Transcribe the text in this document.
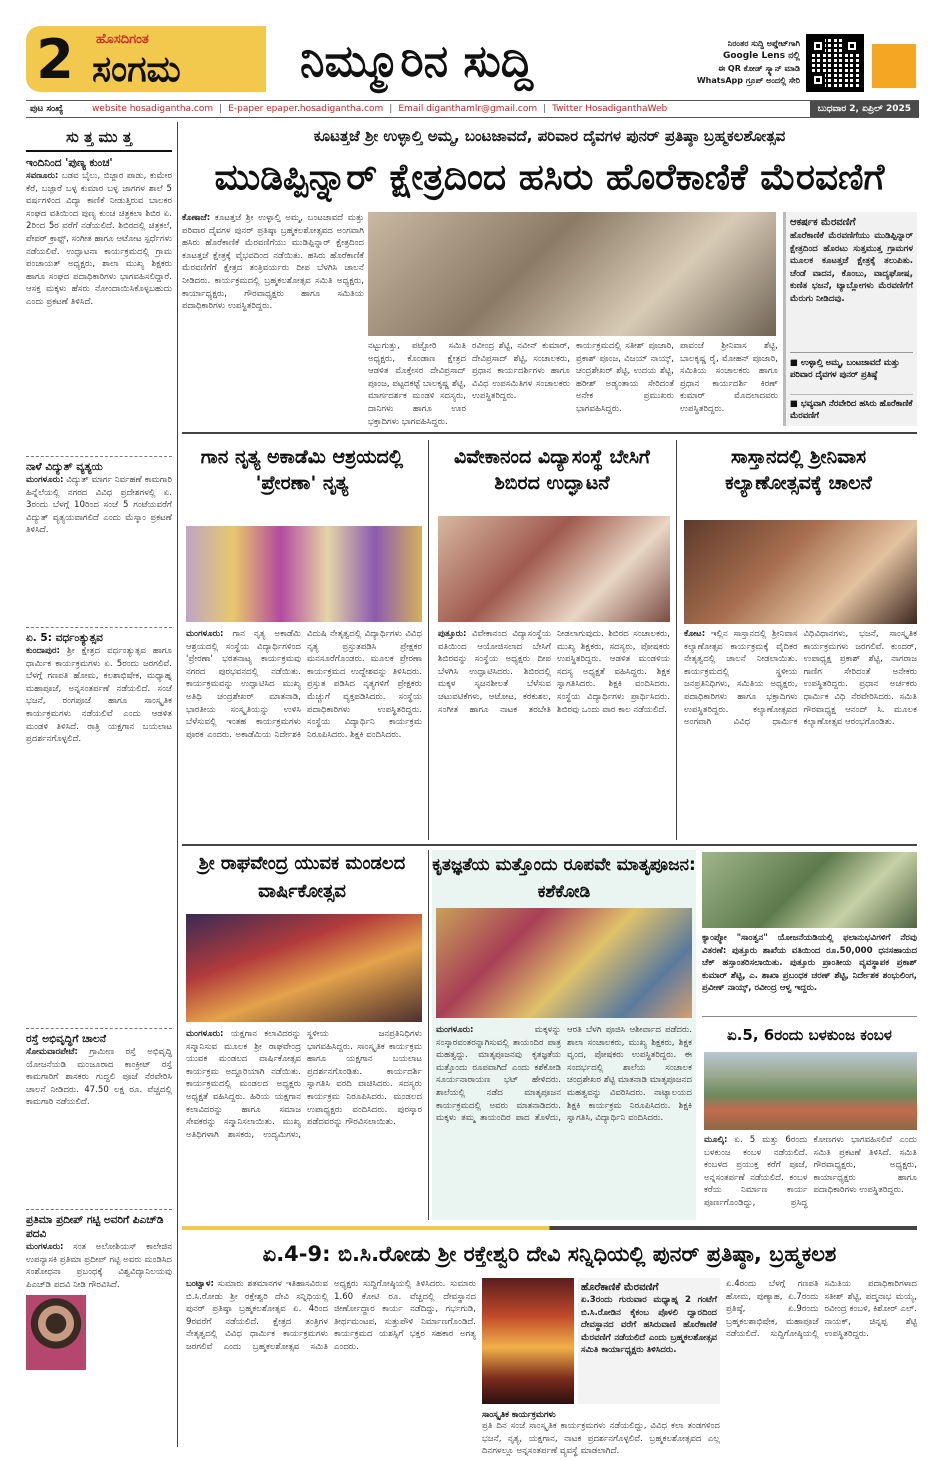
2	ಹೊಸದಿಗಂತ
ಸಂಗಮ	ನಿಮ್ಮೂರಿನ ಸುದ್ದಿ	ನಿರಂತರ ಸುದ್ದಿ ಅಪ್ಡೇಟ್‌ಗಾಗಿ
Google Lens ನಲ್ಲಿ
ಈ QR ಕೋಡ್ ಸ್ಕ್ಯಾನ್ ಮಾಡಿ
WhatsApp ಗ್ರೂಪ್ ಅಂದಲ್ಲಿ ಸೇರಿ
ಪುಟ ಸಂಖ್ಯೆ	website hosadigantha.com | E-paper epaper.hosadigantha.com | Email diganthamlr@gmail.com | Twitter HosadiganthaWeb	ಬುಧವಾರ 2, ಏಪ್ರಿಲ್ 2025
ಸು ತ್ತ ಮು ತ್ತ
ಇಂದಿನಿಂದ 'ಪುಣ್ಯ ಕುಂಚ'
ಸವಣೂರು: ಬಡವ ಬೈಲು, ಬಿಜ್ಜಾರ ಪಾಡು, ಕುಮೇರ ಕೆರೆ, ಬಜ್ಪಾರೆ ಬಳ್ಳ ಕುಮಾರ ಬಳ್ಳ ಜಾಗಗಳ ಶಾಲೆ 5 ವರ್ಷಗಳಿಂದ ವಿದ್ಯಾ ಕಾಣಿಕೆ ನೀಡುತ್ತಿರುವ ಬಾಲಕರ ಸಂಘದ ವತಿಯಿಂದ ಪುಣ್ಯ ಕುಂಚ ಚಿತ್ರಕಲಾ ಶಿಬಿರ ಏ. 2ರಿಂದ 5ರ ವರೆಗೆ ನಡೆಯಲಿದೆ. ಶಿಬಿರದಲ್ಲಿ ಚಿತ್ರಕಲೆ, ಪೇಪರ್ ಕ್ರಾಫ್ಟ್, ಸಂಗೀತ ಹಾಗೂ ಆಟೋಟ ಸ್ಪರ್ಧೆಗಳು ನಡೆಯಲಿವೆ. ಉದ್ಘಾಟನಾ ಕಾರ್ಯಕ್ರಮದಲ್ಲಿ ಗ್ರಾಮ ಪಂಚಾಯತ್ ಅಧ್ಯಕ್ಷರು, ಶಾಲಾ ಮುಖ್ಯ ಶಿಕ್ಷಕರು ಹಾಗೂ ಸಂಘದ ಪದಾಧಿಕಾರಿಗಳು ಭಾಗವಹಿಸಲಿದ್ದಾರೆ. ಆಸಕ್ತ ಮಕ್ಕಳು ಹೆಸರು ನೋಂದಾಯಿಸಿಕೊಳ್ಳಬಹುದು ಎಂದು ಪ್ರಕಟಣೆ ತಿಳಿಸಿದೆ.
ನಾಳೆ ವಿದ್ಯುತ್ ವ್ಯತ್ಯಯ
ಮಂಗಳೂರು: ವಿದ್ಯುತ್ ಮಾರ್ಗ ನಿರ್ವಹಣೆ ಕಾಮಗಾರಿ ಹಿನ್ನೆಲೆಯಲ್ಲಿ ನಗರದ ವಿವಿಧ ಪ್ರದೇಶಗಳಲ್ಲಿ ಏ. 3ರಂದು ಬೆಳಗ್ಗೆ 10ರಿಂದ ಸಂಜೆ 5 ಗಂಟೆಯವರೆಗೆ ವಿದ್ಯುತ್ ವ್ಯತ್ಯಯವಾಗಲಿದೆ ಎಂದು ಮೆಸ್ಕಾಂ ಪ್ರಕಟಣೆ ತಿಳಿಸಿದೆ.
ಏ. 5: ವರ್ಧಂತ್ಯುತ್ಸವ
ಕುಂದಾಪುರ: ಶ್ರೀ ಕ್ಷೇತ್ರದ ವರ್ಧಂತ್ಯುತ್ಸವ ಹಾಗೂ ಧಾರ್ಮಿಕ ಕಾರ್ಯಕ್ರಮಗಳು ಏ. 5ರಂದು ಜರಗಲಿವೆ. ಬೆಳಗ್ಗೆ ಗಣಪತಿ ಹೋಮ, ಕಲಶಾಭಿಷೇಕ, ಮಧ್ಯಾಹ್ನ ಮಹಾಪೂಜೆ, ಅನ್ನಸಂತರ್ಪಣೆ ನಡೆಯಲಿದೆ. ಸಂಜೆ ಭಜನೆ, ರಂಗಪೂಜೆ ಹಾಗೂ ಸಾಂಸ್ಕೃತಿಕ ಕಾರ್ಯಕ್ರಮಗಳು ನಡೆಯಲಿವೆ ಎಂದು ಆಡಳಿತ ಮಂಡಳಿ ತಿಳಿಸಿದೆ. ರಾತ್ರಿ ಯಕ್ಷಗಾನ ಬಯಲಾಟ ಪ್ರದರ್ಶನಗೊಳ್ಳಲಿದೆ.
ರಸ್ತೆ ಅಭಿವೃದ್ಧಿಗೆ ಚಾಲನೆ
ಸೋಮವಾರಪೇಟೆ: ಗ್ರಾಮೀಣ ರಸ್ತೆ ಅಭಿವೃದ್ಧಿ ಯೋಜನೆಯಡಿ ಮಂಜೂರಾದ ಕಾಂಕ್ರೀಟ್ ರಸ್ತೆ ಕಾಮಗಾರಿಗೆ ಶಾಸಕರು ಗುದ್ದಲಿ ಪೂಜೆ ನೆರವೇರಿಸಿ ಚಾಲನೆ ನೀಡಿದರು. 47.50 ಲಕ್ಷ ರೂ. ವೆಚ್ಚದಲ್ಲಿ ಕಾಮಗಾರಿ ನಡೆಯಲಿದೆ.
ಪ್ರತಿಮಾ ಪ್ರದೀಪ್ ಗಟ್ಟಿ ಅವರಿಗೆ ಪಿಎಚ್‌ಡಿ ಪದವಿ
ಮಂಗಳೂರು: ಸಂತ ಅಲೋಶಿಯಸ್ ಕಾಲೇಜಿನ ಉಪನ್ಯಾಸಕಿ ಪ್ರತಿಮಾ ಪ್ರದೀಪ್ ಗಟ್ಟಿ ಅವರು ಮಂಡಿಸಿದ ಸಂಶೋಧನಾ ಪ್ರಬಂಧಕ್ಕೆ ವಿಶ್ವವಿದ್ಯಾನಿಲಯವು ಪಿಎಚ್‌ಡಿ ಪದವಿ ನೀಡಿ ಗೌರವಿಸಿದೆ.
ಕೂಟತ್ತಜೆ ಶ್ರೀ ಉಳ್ಳಾಲ್ತಿ ಅಮ್ಮ, ಬಂಟಜಾವದೆ, ಪರಿವಾರ ದೈವಗಳ ಪುನರ್ ಪ್ರತಿಷ್ಠಾ ಬ್ರಹ್ಮಕಲಶೋತ್ಸವ
ಮುಡಿಪ್ಪಿನ್ನಾರ್ ಕ್ಷೇತ್ರದಿಂದ ಹಸಿರು ಹೊರೆಕಾಣಿಕೆ ಮೆರವಣಿಗೆ
ಕೊಣಾಜೆ: ಕೂಟತ್ತಜೆ ಶ್ರೀ ಉಳ್ಳಾಲ್ತಿ ಅಮ್ಮ, ಬಂಟಜಾವದೆ ಮತ್ತು ಪರಿವಾರ ದೈವಗಳ ಪುನರ್ ಪ್ರತಿಷ್ಠಾ ಬ್ರಹ್ಮಕಲಶೋತ್ಸವದ ಅಂಗವಾಗಿ ಹಸಿರು ಹೊರೆಕಾಣಿಕೆ ಮೆರವಣಿಗೆಯು ಮುಡಿಪ್ಪಿನ್ನಾರ್ ಕ್ಷೇತ್ರದಿಂದ ಕೂಟತ್ತಜೆ ಕ್ಷೇತ್ರಕ್ಕೆ ವೈಭವದಿಂದ ನಡೆಯಿತು. ಹಸಿರು ಹೊರೆಕಾಣಿಕೆ ಮೆರವಣಿಗೆಗೆ ಕ್ಷೇತ್ರದ ತಂತ್ರಿವರ್ಯರು ದೀಪ ಬೆಳಗಿಸಿ ಚಾಲನೆ ನೀಡಿದರು. ಕಾರ್ಯಕ್ರಮದಲ್ಲಿ ಬ್ರಹ್ಮಕಲಶೋತ್ಸವ ಸಮಿತಿ ಅಧ್ಯಕ್ಷರು, ಕಾರ್ಯಾಧ್ಯಕ್ಷರು, ಗೌರವಾಧ್ಯಕ್ಷರು ಹಾಗೂ ಸಮಿತಿಯ ಪದಾಧಿಕಾರಿಗಳು ಉಪಸ್ಥಿತರಿದ್ದರು.
ನಟ್ಟುಗುತ್ತು, ಪಟ್ಟೋರಿ ಸಮಿತಿ ಅಧ್ಯಕ್ಷರು, ಕೊಂಡಾಣ ಕ್ಷೇತ್ರದ ಆಡಳಿತ ಮೊಕ್ತೇಸರ ದೇವಿಪ್ರಸಾದ್ ಪೂಂಜ, ಪಟ್ಟದಕಟ್ಟೆ ಬಾಲಕೃಷ್ಣ ಶೆಟ್ಟಿ, ಮಾರ್ಗದರ್ಶಕ ಮಂಡಳಿ ಸದಸ್ಯರು, ದಾನಿಗಳು ಹಾಗೂ ಊರ ಭಕ್ತಾದಿಗಳು ಭಾಗವಹಿಸಿದ್ದರು.
ರವೀಂದ್ರ ಶೆಟ್ಟಿ, ನವೀನ್ ಕುಮಾರ್, ದೇವಿಪ್ರಸಾದ್ ಶೆಟ್ಟಿ, ಸಂಚಾಲಕರು, ಪ್ರಧಾನ ಕಾರ್ಯದರ್ಶಿಗಳು ಹಾಗೂ ವಿವಿಧ ಉಪಸಮಿತಿಗಳ ಸಂಚಾಲಕರು ಉಪಸ್ಥಿತರಿದ್ದರು.
ಕಾರ್ಯಕ್ರಮದಲ್ಲಿ ಸತೀಶ್ ಪೂಜಾರಿ, ಪ್ರಕಾಶ್ ಪೂಂಜ, ವಿಜಯ್ ನಾಯ್ಕ್, ಚಂದ್ರಶೇಖರ್ ಶೆಟ್ಟಿ, ಉದಯ ಶೆಟ್ಟಿ, ಹರೀಶ್ ಅಡ್ಯಂತಾಯ ಸೇರಿದಂತೆ ಅನೇಕ ಪ್ರಮುಖರು ಭಾಗವಹಿಸಿದ್ದರು.
ಪಾವಂಜೆ ಶ್ರೀನಿವಾಸ ಶೆಟ್ಟಿ, ಬಾಲಕೃಷ್ಣ ರೈ, ಮೋಹನ್ ಪೂಜಾರಿ, ಸಮಿತಿಯ ಸಂಚಾಲಕರು ಹಾಗೂ ಪ್ರಧಾನ ಕಾರ್ಯದರ್ಶಿ ಕಿರಣ್ ಕುಮಾರ್ ಮೊದಲಾದವರು ಉಪಸ್ಥಿತರಿದ್ದರು.
ಆಕರ್ಷಕ ಮೆರವಣಿಗೆ
ಹೊರೆಕಾಣಿಕೆ ಮೆರವಣಿಗೆಯು ಮುಡಿಪ್ಪಿನ್ನಾರ್ ಕ್ಷೇತ್ರದಿಂದ ಹೊರಟು ಸುತ್ತಮುತ್ತ ಗ್ರಾಮಗಳ ಮೂಲಕ ಕೂಟತ್ತಜೆ ಕ್ಷೇತ್ರಕ್ಕೆ ತಲುಪಿತು. ಚೆಂಡೆ ವಾದನ, ಕೊಂಬು, ವಾದ್ಯಘೋಷ, ಕುಣಿತ ಭಜನೆ, ಟ್ಯಾಬ್ಲೋಗಳು ಮೆರವಣಿಗೆಗೆ ಮೆರುಗು ನೀಡಿದವು.
■ ಉಳ್ಳಾಲ್ತಿ ಅಮ್ಮ, ಬಂಟಜಾವದೆ ಮತ್ತು ಪರಿವಾರ ದೈವಗಳ ಪುನರ್ ಪ್ರತಿಷ್ಠೆ
■ ಭವ್ಯವಾಗಿ ನೆರವೇರಿದ ಹಸಿರು ಹೊರೆಕಾಣಿಕೆ ಮೆರವಣಿಗೆ
ಗಾನ ನೃತ್ಯ ಅಕಾಡೆಮಿ ಆಶ್ರಯದಲ್ಲಿ 'ಪ್ರೇರಣಾ' ನೃತ್ಯ
ಮಂಗಳೂರು: ಗಾನ ನೃತ್ಯ ಅಕಾಡೆಮಿ ಆಶ್ರಯದಲ್ಲಿ ಸಂಸ್ಥೆಯ ವಿದ್ಯಾರ್ಥಿಗಳಿಂದ 'ಪ್ರೇರಣಾ' ಭರತನಾಟ್ಯ ಕಾರ್ಯಕ್ರಮವು ನಗರದ ಪುರಭವನದಲ್ಲಿ ನಡೆಯಿತು. ಕಾರ್ಯಕ್ರಮವನ್ನು ಉದ್ಘಾಟಿಸಿದ ಮುಖ್ಯ ಅತಿಥಿ ಚಂದ್ರಶೇಖರ್ ಮಾತನಾಡಿ, ಭಾರತೀಯ ಸಂಸ್ಕೃತಿಯನ್ನು ಉಳಿಸಿ ಬೆಳೆಸುವಲ್ಲಿ ಇಂತಹ ಕಾರ್ಯಕ್ರಮಗಳು ಪೂರಕ ಎಂದರು. ಅಕಾಡೆಮಿಯ ನಿರ್ದೇಶಕಿ ವಿದುಷಿ ನೇತೃತ್ವದಲ್ಲಿ ವಿದ್ಯಾರ್ಥಿಗಳು ವಿವಿಧ ನೃತ್ಯ ಪ್ರಸ್ತುತಪಡಿಸಿ ಪ್ರೇಕ್ಷಕರ ಮನಸೂರೆಗೊಂಡರು. ಮೂಲಕ ಪ್ರೇರಣಾ ಕಾರ್ಯಕ್ರಮದ ಉದ್ದೇಶವನ್ನು ತಿಳಿಸಿದರು. ಪ್ರಸ್ತುತ ಪಡಿಸಿದ ನೃತ್ಯಗಳಿಗೆ ಪ್ರೇಕ್ಷಕರು ಮೆಚ್ಚುಗೆ ವ್ಯಕ್ತಪಡಿಸಿದರು. ಸಂಸ್ಥೆಯ ಪದಾಧಿಕಾರಿಗಳು ಉಪಸ್ಥಿತರಿದ್ದರು. ಸಂಸ್ಥೆಯ ವಿದ್ಯಾರ್ಥಿನಿ ಕಾರ್ಯಕ್ರಮ ನಿರೂಪಿಸಿದರು. ಶಿಕ್ಷಕಿ ವಂದಿಸಿದರು.
ವಿವೇಕಾನಂದ ವಿದ್ಯಾಸಂಸ್ಥೆ ಬೇಸಿಗೆ ಶಿಬಿರದ ಉದ್ಘಾಟನೆ
ಪುತ್ತೂರು: ವಿವೇಕಾನಂದ ವಿದ್ಯಾಸಂಸ್ಥೆಯ ವತಿಯಿಂದ ಆಯೋಜಿಸಲಾದ ಬೇಸಿಗೆ ಶಿಬಿರವನ್ನು ಸಂಸ್ಥೆಯ ಅಧ್ಯಕ್ಷರು ದೀಪ ಬೆಳಗಿಸಿ ಉದ್ಘಾಟಿಸಿದರು. ಶಿಬಿರದಲ್ಲಿ ಮಕ್ಕಳ ಸೃಜನಶೀಲತೆ ಬೆಳೆಸುವ ಚಟುವಟಿಕೆಗಳು, ಆಟೋಟ, ಕರಕುಶಲ, ಸಂಗೀತ ಹಾಗೂ ನಾಟಕ ತರಬೇತಿ ನೀಡಲಾಗುವುದು. ಶಿಬಿರದ ಸಂಚಾಲಕರು, ಮುಖ್ಯ ಶಿಕ್ಷಕರು, ಸದಸ್ಯರು, ಪೋಷಕರು ಉಪಸ್ಥಿತರಿದ್ದರು. ಆಡಳಿತ ಮಂಡಳಿಯ ಸದಸ್ಯ ಅಧ್ಯಕ್ಷತೆ ವಹಿಸಿದ್ದರು. ಶಿಕ್ಷಕ ಸ್ವಾಗತಿಸಿದರು. ಶಿಕ್ಷಕಿ ವಂದಿಸಿದರು. ಸಂಸ್ಥೆಯ ವಿದ್ಯಾರ್ಥಿಗಳು ಪ್ರಾರ್ಥಿಸಿದರು. ಶಿಬಿರವು ಒಂದು ವಾರ ಕಾಲ ನಡೆಯಲಿದೆ.
ಸಾಸ್ತಾನದಲ್ಲಿ ಶ್ರೀನಿವಾಸ ಕಲ್ಯಾಣೋತ್ಸವಕ್ಕೆ ಚಾಲನೆ
ಕೋಟ: ಇಲ್ಲಿನ ಸಾಸ್ತಾನದಲ್ಲಿ ಶ್ರೀನಿವಾಸ ಕಲ್ಯಾಣೋತ್ಸವ ಕಾರ್ಯಕ್ರಮಕ್ಕೆ ವೈದಿಕರ ನೇತೃತ್ವದಲ್ಲಿ ಚಾಲನೆ ನೀಡಲಾಯಿತು. ಕಾರ್ಯಕ್ರಮದಲ್ಲಿ ಸ್ಥಳೀಯ ಜನಪ್ರತಿನಿಧಿಗಳು, ಸಮಿತಿಯ ಅಧ್ಯಕ್ಷರು, ಪದಾಧಿಕಾರಿಗಳು ಹಾಗೂ ಭಕ್ತಾದಿಗಳು ಉಪಸ್ಥಿತರಿದ್ದರು. ಕಲ್ಯಾಣೋತ್ಸವದ ಅಂಗವಾಗಿ ವಿವಿಧ ಧಾರ್ಮಿಕ ವಿಧಿವಿಧಾನಗಳು, ಭಜನೆ, ಸಾಂಸ್ಕೃತಿಕ ಕಾರ್ಯಕ್ರಮಗಳು ಜರಗಲಿವೆ. ಕುಂದರ್, ಉಪಾಧ್ಯಕ್ಷ ಪ್ರಕಾಶ್ ಶೆಟ್ಟಿ, ನಾಗರಾಜ ಗಾಣಿಗ ಸೇರಿದಂತೆ ಅನೇಕರು ಉಪಸ್ಥಿತರಿದ್ದರು. ಪ್ರಧಾನ ಅರ್ಚಕರು ಧಾರ್ಮಿಕ ವಿಧಿ ನೆರವೇರಿಸಿದರು. ಸಮಿತಿ ಗೌರವಾಧ್ಯಕ್ಷ ಆನಂದ್ ಸಿ. ಮೂಲಕ ಕಲ್ಯಾಣೋತ್ಸವ ಆರಂಭಗೊಂಡಿತು.
ಶ್ರೀ ರಾಘವೇಂದ್ರ ಯುವಕ ಮಂಡಲದ ವಾರ್ಷಿಕೋತ್ಸವ
ಮಂಗಳೂರು: ಯಕ್ಷಗಾನ ಕಲಾವಿದರನ್ನು ಸನ್ಮಾನಿಸುವ ಮೂಲಕ ಶ್ರೀ ರಾಘವೇಂದ್ರ ಯುವಕ ಮಂಡಲದ ವಾರ್ಷಿಕೋತ್ಸವ ಕಾರ್ಯಕ್ರಮ ಅದ್ದೂರಿಯಾಗಿ ನಡೆಯಿತು. ಕಾರ್ಯಕ್ರಮದಲ್ಲಿ ಮಂಡಲದ ಅಧ್ಯಕ್ಷರು ಅಧ್ಯಕ್ಷತೆ ವಹಿಸಿದ್ದರು. ಹಿರಿಯ ಯಕ್ಷಗಾನ ಕಲಾವಿದರನ್ನು ಹಾಗೂ ಸಮಾಜ ಸೇವಕರನ್ನು ಸನ್ಮಾನಿಸಲಾಯಿತು. ಮುಖ್ಯ ಅತಿಥಿಗಳಾಗಿ ಶಾಸಕರು, ಉದ್ಯಮಿಗಳು, ಸ್ಥಳೀಯ ಜನಪ್ರತಿನಿಧಿಗಳು ಭಾಗವಹಿಸಿದ್ದರು. ಸಾಂಸ್ಕೃತಿಕ ಕಾರ್ಯಕ್ರಮ ಹಾಗೂ ಯಕ್ಷಗಾನ ಬಯಲಾಟ ಪ್ರದರ್ಶನಗೊಂಡಿತು. ಕಾರ್ಯದರ್ಶಿ ಸ್ವಾಗತಿಸಿ ವರದಿ ವಾಚಿಸಿದರು. ಸದಸ್ಯರು ಕಾರ್ಯಕ್ರಮ ನಿರೂಪಿಸಿದರು. ಮಂಡಲದ ಉಪಾಧ್ಯಕ್ಷರು ವಂದಿಸಿದರು. ಪುರಸ್ಕಾರ ಪಡೆದವರನ್ನು ಗೌರವಿಸಲಾಯಿತು.
ಕೃತಜ್ಞತೆಯ ಮತ್ತೊಂದು ರೂಪವೇ ಮಾತೃಪೂಜನ: ಕಶೆಕೋಡಿ
ಮಂಗಳೂರು:	ಮಕ್ಕಳನ್ನು ಸಂಸ್ಕಾರವಂತರನ್ನಾಗಿಸುವಲ್ಲಿ ತಾಯಂದಿರ ಪಾತ್ರ ಮಹತ್ವದ್ದು. ಮಾತೃಪೂಜನವು ಕೃತಜ್ಞತೆಯ ಮತ್ತೊಂದು ರೂಪವಾಗಿದೆ ಎಂದು ಕಶೆಕೋಡಿ ಸೂರ್ಯನಾರಾಯಣ ಭಟ್ ಹೇಳಿದರು. ಶಾಲೆಯಲ್ಲಿ ನಡೆದ ಮಾತೃಪೂಜನ ಕಾರ್ಯಕ್ರಮದಲ್ಲಿ ಅವರು ಮಾತನಾಡಿದರು. ಮಕ್ಕಳು ತಮ್ಮ ತಾಯಂದಿರ ಪಾದ ತೊಳೆದು, ಆರತಿ ಬೆಳಗಿ ಪೂಜಿಸಿ ಆಶೀರ್ವಾದ ಪಡೆದರು. ಶಾಲಾ ಸಂಚಾಲಕರು, ಮುಖ್ಯ ಶಿಕ್ಷಕರು, ಶಿಕ್ಷಕ ವೃಂದ, ಪೋಷಕರು ಉಪಸ್ಥಿತರಿದ್ದರು. ಈ ಸಂದರ್ಭದಲ್ಲಿ ಶಾಲೆಯ ಸಂಚಾಲಕ ಚಂದ್ರಶೇಖರ ಶೆಟ್ಟಿ ಮಾತನಾಡಿ ಮಾತೃಪೂಜನದ ಮಹತ್ವವನ್ನು ವಿವರಿಸಿದರು. ನಾಟ್ಯಾಲಯದ ಶಿಕ್ಷಕಿ ಕಾರ್ಯಕ್ರಮ ನಿರೂಪಿಸಿದರು. ಶಿಕ್ಷಕಿ ಸ್ವಾಗತಿಸಿ, ವಿದ್ಯಾರ್ಥಿನಿ ವಂದಿಸಿದರು.
ಕ್ಯಾಂಪ್ಕೋ "ಸಾಂತ್ವನ" ಯೋಜನೆಯಡಿಯಲ್ಲಿ ಫಲಾನುಭವಿಗಳಿಗೆ ನೆರವು ವಿತರಣೆ: ಪುತ್ತೂರು ಶಾಖೆಯ ವತಿಯಿಂದ ರೂ.50,000 ಧನಸಹಾಯದ ಚೆಕ್ ಹಸ್ತಾಂತರಿಸಲಾಯಿತು. ಪುತ್ತೂರು ಪ್ರಾಂತೀಯ ವ್ಯವಸ್ಥಾಪಕ ಪ್ರಕಾಶ್ ಕುಮಾರ್ ಶೆಟ್ಟಿ, ಎ. ಶಾಖಾ ಪ್ರಬಂಧಕ ಚರಣ್ ಶೆಟ್ಟಿ, ನಿರ್ದೇಶಕ ಶಂಭುಲಿಂಗ, ಪ್ರವೀಣ್ ನಾಯ್ಕ್, ರವೀಂದ್ರ ಆಳ್ವ ಇದ್ದರು.
ಏ.5, 6ರಂದು ಬಳಕುಂಜ ಕಂಬಳ
ಮೂಲ್ಕಿ: ಏ. 5 ಮತ್ತು 6ರಂದು ಬಳಕುಂಜ ಕಂಬಳ ನಡೆಯಲಿದೆ. ಕಂಬಳದ ಪ್ರಯುಕ್ತ ಕರೆಗೆ ಪೂಜೆ, ಅನ್ನಸಂತರ್ಪಣೆ ನಡೆಯಲಿದೆ. ಕಂಬಳ ಕರೆಯ ನಿರ್ಮಾಣ ಕಾರ್ಯ ಪೂರ್ಣಗೊಂಡಿದ್ದು, ಪ್ರಸಿದ್ಧ ಕೋಣಗಳು ಭಾಗವಹಿಸಲಿವೆ ಎಂದು ಸಮಿತಿ ಪ್ರಕಟಣೆ ತಿಳಿಸಿದೆ. ಸಮಿತಿ ಗೌರವಾಧ್ಯಕ್ಷರು, ಅಧ್ಯಕ್ಷರು, ಕಾರ್ಯಾಧ್ಯಕ್ಷರು ಹಾಗೂ ಪದಾಧಿಕಾರಿಗಳು ಉಪಸ್ಥಿತರಿದ್ದರು.
ಏ.4-9: ಬಿ.ಸಿ.ರೋಡು ಶ್ರೀ ರಕ್ತೇಶ್ವರಿ ದೇವಿ ಸನ್ನಿಧಿಯಲ್ಲಿ ಪುನರ್ ಪ್ರತಿಷ್ಠಾ, ಬ್ರಹ್ಮಕಲಶ
ಬಂಟ್ವಾಳ: ಸುಮಾರು ಶತಮಾನಗಳ ಇತಿಹಾಸವಿರುವ ಬಿ.ಸಿ.ರೋಡು ಶ್ರೀ ರಕ್ತೇಶ್ವರಿ ದೇವಿ ಸನ್ನಿಧಿಯಲ್ಲಿ ಪುನರ್ ಪ್ರತಿಷ್ಠಾ ಬ್ರಹ್ಮಕಲಶೋತ್ಸವ ಏ. 4ರಿಂದ 9ರವರೆಗೆ ನಡೆಯಲಿದೆ. ಕ್ಷೇತ್ರದ ತಂತ್ರಿಗಳ ನೇತೃತ್ವದಲ್ಲಿ ವಿವಿಧ ಧಾರ್ಮಿಕ ಕಾರ್ಯಕ್ರಮಗಳು ಜರಗಲಿವೆ ಎಂದು ಬ್ರಹ್ಮಕಲಶೋತ್ಸವ ಸಮಿತಿ ಅಧ್ಯಕ್ಷರು ಸುದ್ದಿಗೋಷ್ಠಿಯಲ್ಲಿ ತಿಳಿಸಿದರು. ಸುಮಾರು 1.60 ಕೋಟಿ ರೂ. ವೆಚ್ಚದಲ್ಲಿ ದೇವಸ್ಥಾನದ ಜೀರ್ಣೋದ್ಧಾರ ಕಾರ್ಯ ನಡೆದಿದ್ದು, ಗರ್ಭಗುಡಿ, ತೀರ್ಥಮಂಟಪ, ಸುತ್ತುಪೌಳಿ ನಿರ್ಮಾಣಗೊಂಡಿದೆ. ಕಾರ್ಯಕ್ರಮದ ಯಶಸ್ಸಿಗೆ ಭಕ್ತರ ಸಹಕಾರ ಅಗತ್ಯ ಎಂದರು.
ಹೊರೆಕಾಣಿಕೆ ಮೆರವಣಿಗೆ
ಏ.3ರಂದು ಗುರುವಾರ ಮಧ್ಯಾಹ್ನ 2 ಗಂಟೆಗೆ ಬಿ.ಸಿ.ರೋಡಿನ ಕೈಕಂಬ ಪೊಳಲಿ ದ್ವಾರದಿಂದ ದೇವಸ್ಥಾನದ ವರೆಗೆ ಹಸಿರುವಾಣಿ ಹೊರೆಕಾಣಿಕೆ ಮೆರವಣಿಗೆ ನಡೆಯಲಿದೆ ಎಂದು ಬ್ರಹ್ಮಕಲಶೋತ್ಸವ ಸಮಿತಿ ಕಾರ್ಯಾಧ್ಯಕ್ಷರು ತಿಳಿಸಿದರು.
ಸಾಂಸ್ಕೃತಿಕ ಕಾರ್ಯಕ್ರಮಗಳು
ಪ್ರತಿ ದಿನ ಸಂಜೆ ಸಾಂಸ್ಕೃತಿಕ ಕಾರ್ಯಕ್ರಮಗಳು ನಡೆಯಲಿದ್ದು, ವಿವಿಧ ಕಲಾ ತಂಡಗಳಿಂದ ಭಜನೆ, ನೃತ್ಯ, ಯಕ್ಷಗಾನ, ನಾಟಕ ಪ್ರದರ್ಶನಗೊಳ್ಳಲಿವೆ. ಬ್ರಹ್ಮಕಲಶೋತ್ಸವದ ಎಲ್ಲ ದಿನಗಳಲ್ಲೂ ಅನ್ನಸಂತರ್ಪಣೆ ವ್ಯವಸ್ಥೆ ಮಾಡಲಾಗಿದೆ.
ಏ.4ರಂದು ಬೆಳಗ್ಗೆ ಗಣಪತಿ ಹೋಮ, ಪುಣ್ಯಾಹ, ಏ.7ರಂದು ಪ್ರತಿಷ್ಠೆ, ಏ.9ರಂದು ಬ್ರಹ್ಮಕಲಶಾಭಿಷೇಕ, ಮಹಾಪೂಜೆ ನಡೆಯಲಿದೆ. ಸುದ್ದಿಗೋಷ್ಠಿಯಲ್ಲಿ ಸಮಿತಿಯ ಪದಾಧಿಕಾರಿಗಳಾದ ಸತೀಶ್ ಶೆಟ್ಟಿ, ಪದ್ಮನಾಭ ಮಯ್ಯ, ರವೀಂದ್ರ ಕಂಬಳಿ, ಕಿಶೋರ್ ಎಲ್. ನಾಯಕ್, ಚಿನ್ನಪ್ಪ ಶೆಟ್ಟಿ ಉಪಸ್ಥಿತರಿದ್ದರು.
